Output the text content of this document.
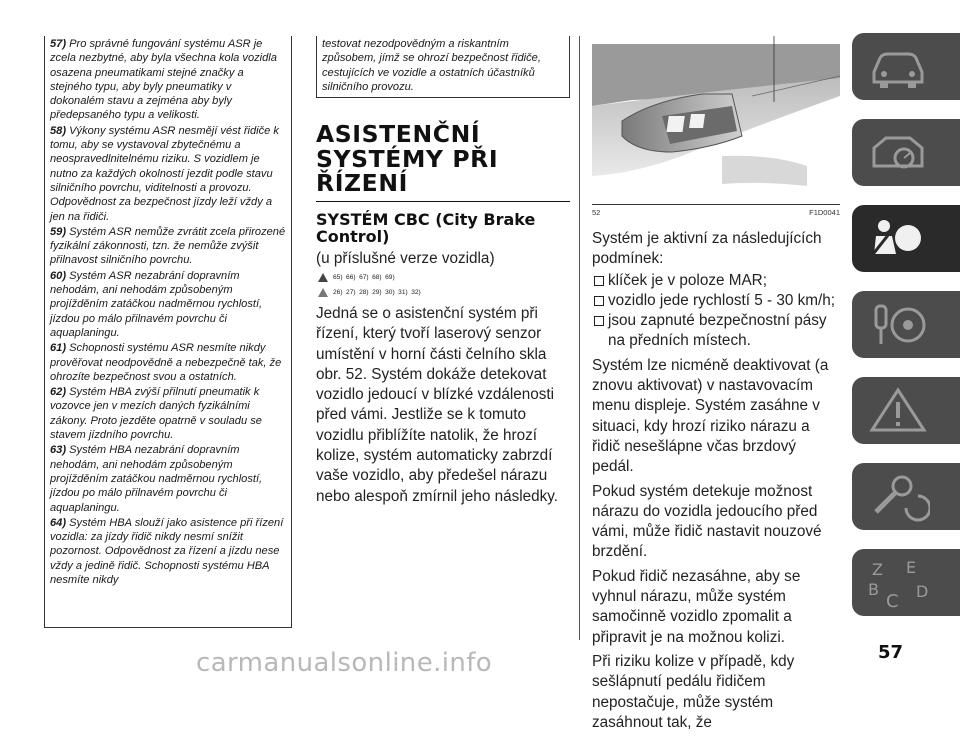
57) Pro správné fungování systému ASR je zcela nezbytné, aby byla všechna kola vozidla osazena pneumatikami stejné značky a stejného typu, aby byly pneumatiky v dokonalém stavu a zejména aby byly předepsaného typu a velikosti.

58) Výkony systému ASR nesmějí vést řidiče k tomu, aby se vystavoval zbytečnému a neospravedlnitelnému riziku. S vozidlem je nutno za každých okolností jezdit podle stavu silničního povrchu, viditelnosti a provozu. Odpovědnost za bezpečnost jízdy leží vždy a jen na řidiči.

59) Systém ASR nemůže zvrátit zcela přirozené fyzikální zákonnosti, tzn. že nemůže zvýšit přilnavost silničního povrchu.

60) Systém ASR nezabrání dopravním nehodám, ani nehodám způsobeným projížděním zatáčkou nadměrnou rychlostí, jízdou po málo přilnavém povrchu či aquaplaningu.

61) Schopnosti systému ASR nesmíte nikdy prověřovat neodpovědně a nebezpečně tak, že ohrozíte bezpečnost svou a ostatních.

62) Systém HBA zvýší přilnutí pneumatik k vozovce jen v mezích daných fyzikálními zákony. Proto jezděte opatrně v souladu se stavem jízdního povrchu.

63) Systém HBA nezabrání dopravním nehodám, ani nehodám způsobeným projížděním zatáčkou nadměrnou rychlostí, jízdou po málo přilnavém povrchu či aquaplaningu.

64) Systém HBA slouží jako asistence při řízení vozidla: za jízdy řidič nikdy nesmí snížit pozornost. Odpovědnost za řízení a jízdu nese vždy a jedině řidič. Schopnosti systému HBA nesmíte nikdy

testovat nezodpovědným a riskantním způsobem, jímž se ohrozí bezpečnost řidiče, cestujících ve vozidle a ostatních účastníků silničního provozu.

ASISTENČNÍ SYSTÉMY PŘI ŘÍZENÍ
SYSTÉM CBC (City Brake Control)
(u příslušné verze vozidla)
65) 66) 67) 68) 69)
26) 27) 28) 29) 30) 31) 32)
Jedná se o asistenční systém při řízení, který tvoří laserový senzor umístění v horní části čelního skla obr. 52. Systém dokáže detekovat vozidlo jedoucí v blízké vzdálenosti před vámi. Jestliže se k tomuto vozidlu přiblížíte natolik, že hrozí kolize, systém automaticky zabrzdí vaše vozidlo, aby předešel nárazu nebo alespoň zmírnil jeho následky.
52	F1D0041

Systém je aktivní za následujících podmínek:

klíček je v poloze MAR;
vozidlo jede rychlostí 5 - 30 km/h;
jsou zapnuté bezpečnostní pásy na předních místech.

Systém lze nicméně deaktivovat (a znovu aktivovat) v nastavovacím menu displeje. Systém zasáhne v situaci, kdy hrozí riziko nárazu a řidič nesešlápne včas brzdový pedál.

Pokud systém detekuje možnost nárazu do vozidla jedoucího před vámi, může řidič nastavit nouzové brzdění.

Pokud řidič nezasáhne, aby se vyhnul nárazu, může systém samočinně vozidlo zpomalit a připravit je na možnou kolizi.

Při riziku kolize v případě, kdy sešlápnutí pedálu řidičem nepostačuje, může systém zasáhnout tak, že

Z E
B D
C
57
carmanualsonline.info
